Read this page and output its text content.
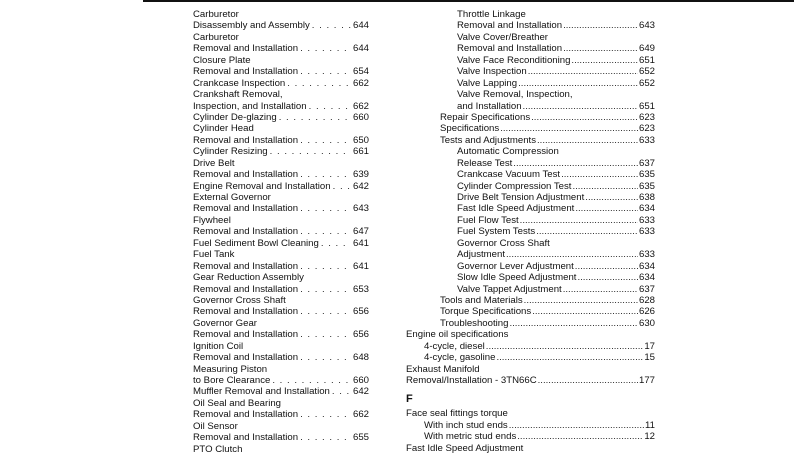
Carburetor
Disassembly and Assembly . . .	644
Carburetor
Removal and Installation . . .	644
Closure Plate
Removal and Installation . . .	654
Crankcase Inspection . . .	662
Crankshaft Removal,
Inspection, and Installation . . .	662
Cylinder De-glazing . . .	660
Cylinder Head
Removal and Installation . . .	650
Cylinder Resizing . . .	661
Drive Belt
Removal and Installation . . .	639
Engine Removal and Installation . . . 642
External Governor
Removal and Installation . . .	643
Flywheel
Removal and Installation . . .	647
Fuel Sediment Bowl Cleaning . . .	641
Fuel Tank
Removal and Installation . . .	641
Gear Reduction Assembly
Removal and Installation . . .	653
Governor Cross Shaft
Removal and Installation . . .	656
Governor Gear
Removal and Installation . . .	656
Ignition Coil
Removal and Installation . . .	648
Measuring Piston
to Bore Clearance . . .	660
Muffler Removal and Installation . . . 642
Oil Seal and Bearing
Removal and Installation . . .	662
Oil Sensor
Removal and Installation . . .	655
PTO Clutch
Throttle Linkage
Removal and Installation .....	643
Valve Cover/Breather
Removal and Installation .....	649
Valve Face Reconditioning .....	651
Valve Inspection .....	652
Valve Lapping .....	652
Valve Removal, Inspection,
and Installation .....	651
Repair Specifications .....	623
Specifications .....	623
Tests and Adjustments .....	633
Automatic Compression
Release Test .....	637
Crankcase Vacuum Test .....	635
Cylinder Compression Test .....	635
Drive Belt Tension Adjustment .....	638
Fast Idle Speed Adjustment .....	634
Fuel Flow Test .....	633
Fuel System Tests .....	633
Governor Cross Shaft
Adjustment .....	633
Governor Lever Adjustment .....	634
Slow Idle Speed Adjustment .....	634
Valve Tappet Adjustment .....	637
Tools and Materials .....	628
Torque Specifications .....	626
Troubleshooting .....	630
Engine oil specifications
4-cycle, diesel .....	17
4-cycle, gasoline .....	15
Exhaust Manifold
Removal/Installation - 3TN66C .....	177
F
Face seal fittings torque
With inch stud ends .....	11
With metric stud ends .....	12
Fast Idle Speed Adjustment
